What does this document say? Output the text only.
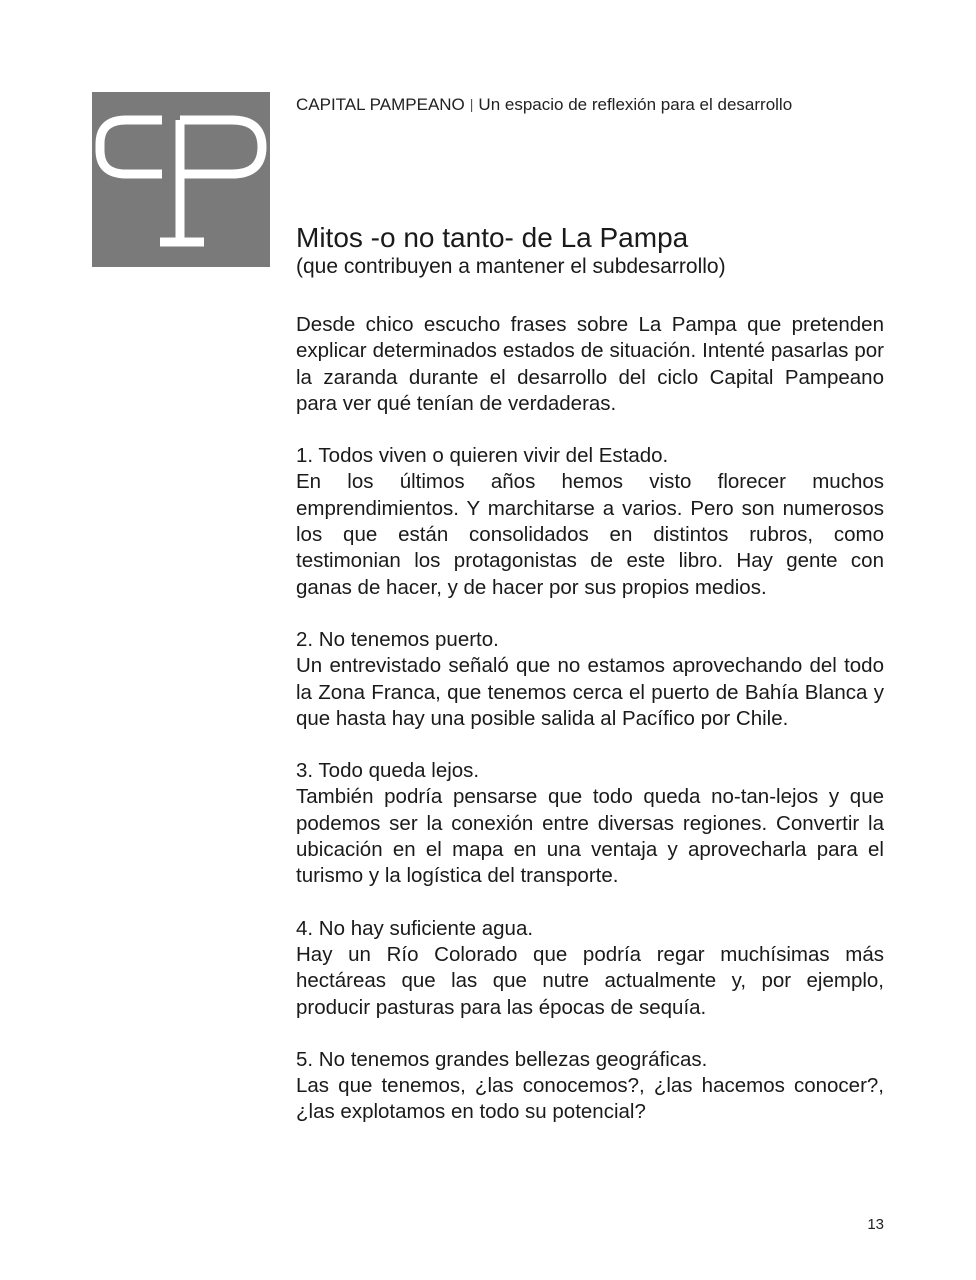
CAPITAL PAMPEANO | Un espacio de reflexión para el desarrollo
Mitos -o no tanto- de La Pampa

(que contribuyen a mantener el subdesarrollo)

Desde chico escucho frases sobre La Pampa que pretenden explicar determinados estados de situación. Intenté pasarlas por la zaranda durante el desarrollo del ciclo Capital Pampeano para ver qué tenían de verdaderas.

1. Todos viven o quieren vivir del Estado.

En los últimos años hemos visto florecer muchos emprendimientos. Y marchitarse a varios. Pero son numerosos los que están consolidados en distintos rubros, como testimonian los protagonistas de este libro. Hay gente con ganas de hacer, y de hacer por sus propios medios.

2. No tenemos puerto.

Un entrevistado señaló que no estamos aprovechando del todo la Zona Franca, que tenemos cerca el puerto de Bahía Blanca y que hasta hay una posible salida al Pacífico por Chile.

3. Todo queda lejos.

También podría pensarse que todo queda no-tan-lejos y que podemos ser la conexión entre diversas regiones. Convertir la ubicación en el mapa en una ventaja y aprovecharla para el turismo y la logística del transporte.

4. No hay suficiente agua.

Hay un Río Colorado que podría regar muchísimas más hectáreas que las que nutre actualmente y, por ejemplo, producir pasturas para las épocas de sequía.

5. No tenemos grandes bellezas geográficas.

Las que tenemos, ¿las conocemos?, ¿las hacemos conocer?, ¿las explotamos en todo su potencial?

13
